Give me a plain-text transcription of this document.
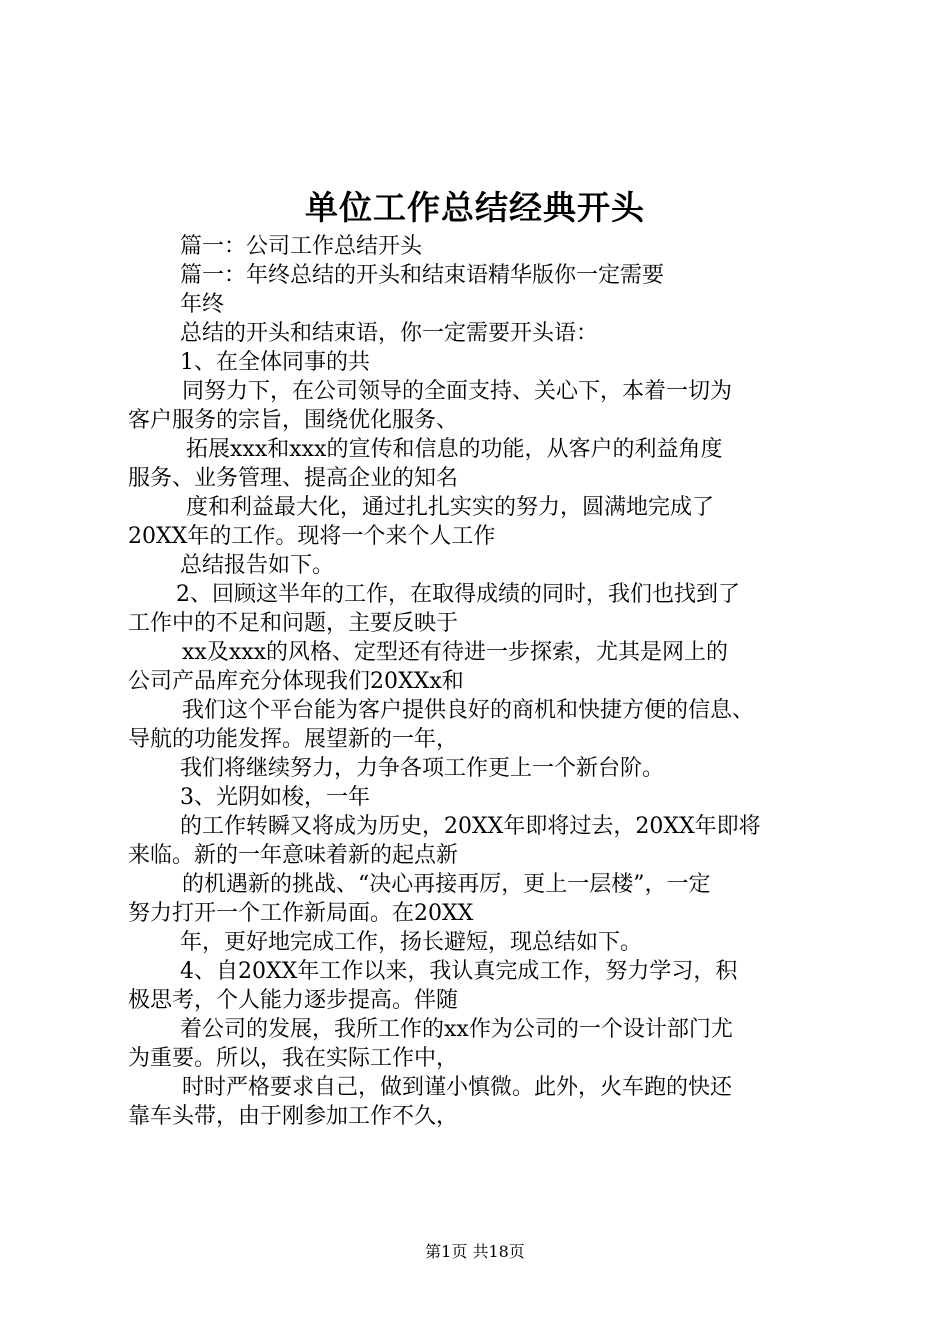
单位工作总结经典开头
篇一：公司工作总结开头
篇一：年终总结的开头和结束语精华版你一定需要
年终
总结的开头和结束语，你一定需要开头语：
1、在全体同事的共
同努力下，在公司领导的全面支持、关心下，本着一切为
客户服务的宗旨，围绕优化服务、
拓展xxx和xxx的宣传和信息的功能，从客户的利益角度
服务、业务管理、提高企业的知名
度和利益最大化，通过扎扎实实的努力，圆满地完成了
20XX年的工作。现将一个来个人工作
总结报告如下。
2、回顾这半年的工作，在取得成绩的同时，我们也找到了
工作中的不足和问题，主要反映于
xx及xxx的风格、定型还有待进一步探索，尤其是网上的
公司产品库充分体现我们20XXx和
我们这个平台能为客户提供良好的商机和快捷方便的信息、
导航的功能发挥。展望新的一年，
我们将继续努力，力争各项工作更上一个新台阶。
3、光阴如梭，一年
的工作转瞬又将成为历史，20XX年即将过去，20XX年即将
来临。新的一年意味着新的起点新
的机遇新的挑战、“决心再接再厉，更上一层楼”，一定
努力打开一个工作新局面。在20XX
年，更好地完成工作，扬长避短，现总结如下。
4、自20XX年工作以来，我认真完成工作，努力学习，积
极思考，个人能力逐步提高。伴随
着公司的发展，我所工作的xx作为公司的一个设计部门尤
为重要。所以，我在实际工作中，
时时严格要求自己，做到谨小慎微。此外，火车跑的快还
靠车头带，由于刚参加工作不久，
第1页 共18页
